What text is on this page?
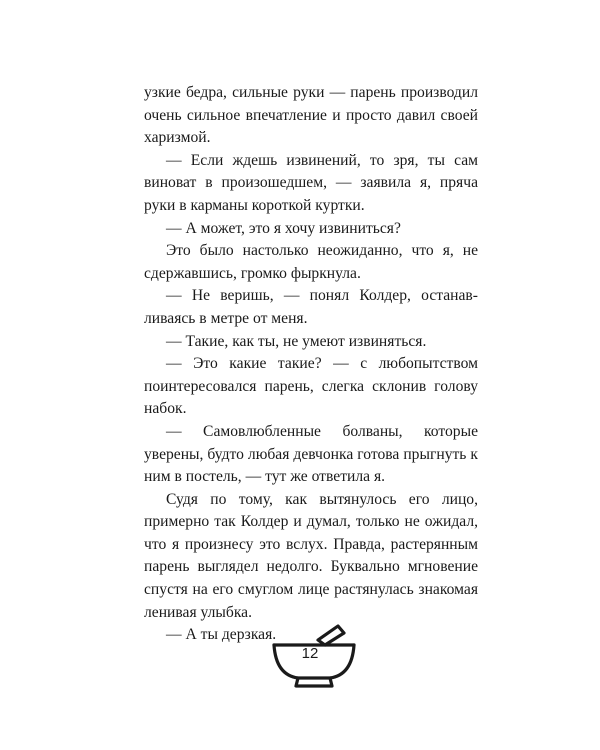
узкие бедра, сильные руки — парень производил очень сильное впечатление и просто давил своей харизмой.

— Если ждешь извинений, то зря, ты сам виноват в произошедшем, — заявила я, пряча руки в карманы короткой куртки.

— А может, это я хочу извиниться?

Это было настолько неожиданно, что я, не сдержавшись, громко фыркнула.

— Не веришь, — понял Колдер, останавливаясь в метре от меня.

— Такие, как ты, не умеют извиняться.

— Это какие такие? — с любопытством поинтересовался парень, слегка склонив голову набок.

— Самовлюбленные болваны, которые уверены, будто любая девчонка готова прыгнуть к ним в постель, — тут же ответила я.

Судя по тому, как вытянулось его лицо, примерно так Колдер и думал, только не ожидал, что я произнесу это вслух. Правда, растерянным парень выглядел недолго. Буквально мгновение спустя на его смуглом лице растянулась знакомая ленивая улыбка.

— А ты дерзкая.

12
